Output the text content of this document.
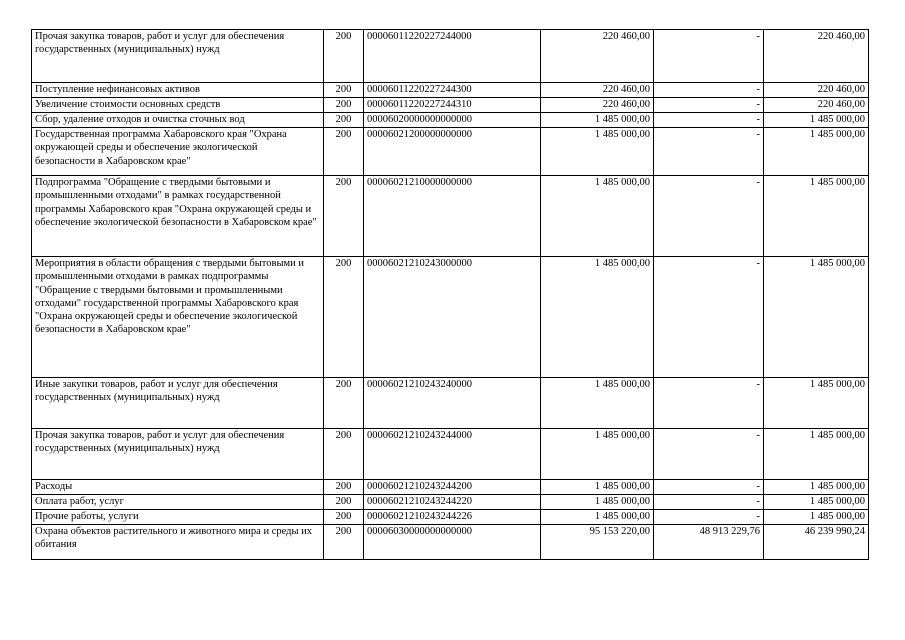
Прочая закупка товаров, работ и услуг для обеспечения государственных (муниципальных) нужд	200	00006011220227244000	220 460,00	-	220 460,00
Поступление нефинансовых активов	200	00006011220227244300	220 460,00	-	220 460,00
Увеличение стоимости основных средств	200	00006011220227244310	220 460,00	-	220 460,00
Сбор, удаление отходов и очистка сточных вод	200	00006020000000000000	1 485 000,00	-	1 485 000,00
Государственная программа Хабаровского края "Охрана окружающей среды и обеспечение экологической безопасности в Хабаровском крае"	200	00006021200000000000	1 485 000,00	-	1 485 000,00
Подпрограмма "Обращение с твердыми бытовыми и промышленными отходами" в рамках государственной программы Хабаровского края "Охрана окружающей среды и обеспечение экологической безопасности в Хабаровском крае"	200	00006021210000000000	1 485 000,00	-	1 485 000,00
Мероприятия в области обращения с твердыми бытовыми и промышленными отходами в рамках подпрограммы "Обращение с твердыми бытовыми и промышленными отходами" государственной программы Хабаровского края "Охрана окружающей среды и обеспечение экологической безопасности в Хабаровском крае"	200	00006021210243000000	1 485 000,00	-	1 485 000,00
Иные закупки товаров, работ и услуг для обеспечения государственных (муниципальных) нужд	200	00006021210243240000	1 485 000,00	-	1 485 000,00
Прочая закупка товаров, работ и услуг для обеспечения государственных (муниципальных) нужд	200	00006021210243244000	1 485 000,00	-	1 485 000,00
Расходы	200	00006021210243244200	1 485 000,00	-	1 485 000,00
Оплата работ, услуг	200	00006021210243244220	1 485 000,00	-	1 485 000,00
Прочие работы, услуги	200	00006021210243244226	1 485 000,00	-	1 485 000,00
Охрана объектов растительного и животного мира и среды их обитания	200	00006030000000000000	95 153 220,00	48 913 229,76	46 239 990,24
